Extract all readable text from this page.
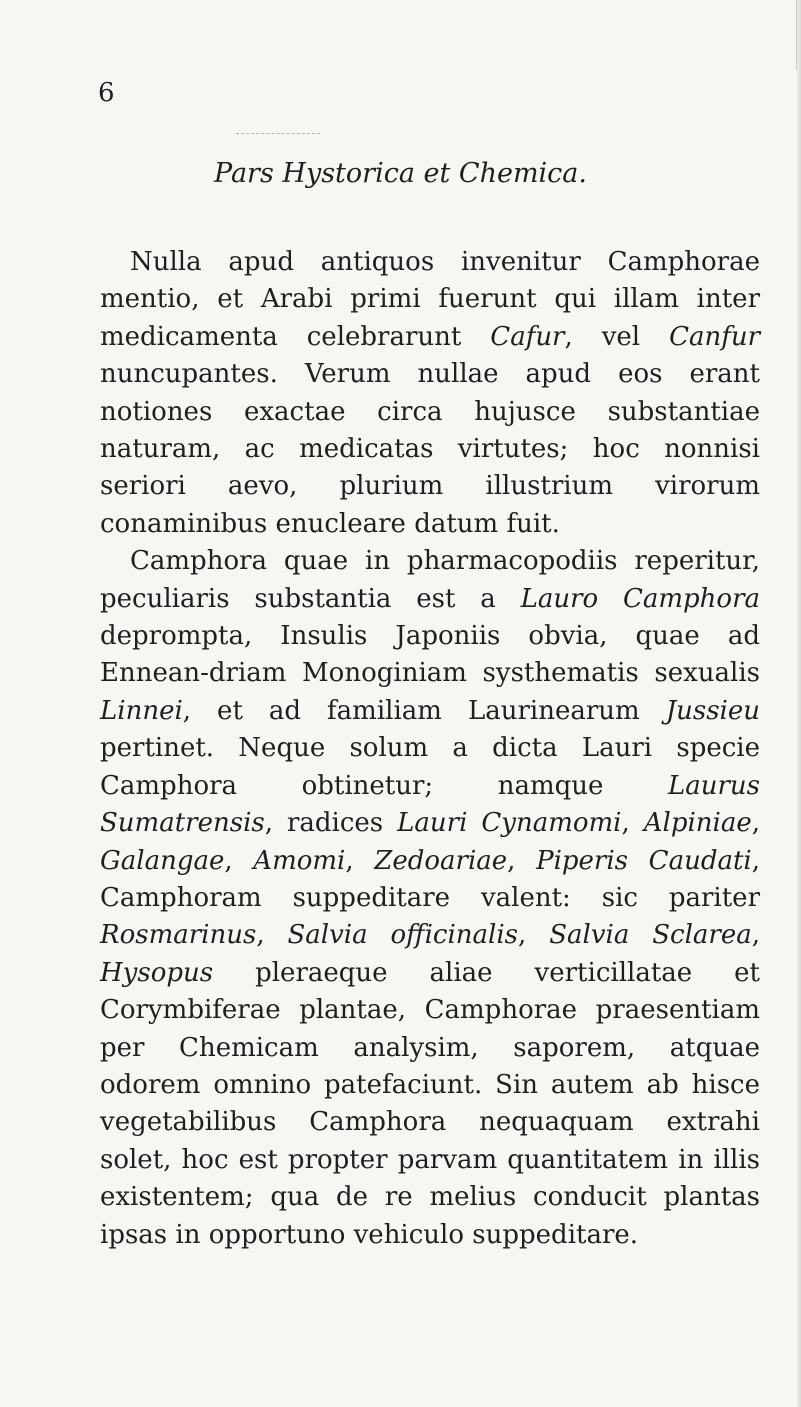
6
Pars Hystorica et Chemica.

Nulla apud antiquos invenitur Camphorae mentio, et Arabi primi fuerunt qui illam inter medicamenta celebrarunt Cafur, vel Canfur nuncupantes. Verum nullae apud eos erant notiones exactae circa hujusce substantiae naturam, ac medicatas virtutes; hoc nonnisi seriori aevo, plurium illustrium virorum conaminibus enucleare datum fuit.

Camphora quae in pharmacopodiis reperitur, peculiaris substantia est a Lauro Camphora deprompta, Insulis Japoniis obvia, quae ad Ennean-driam Monoginiam systhematis sexualis Linnei, et ad familiam Laurinearum Jussieu pertinet. Neque solum a dicta Lauri specie Camphora obtinetur; namque Laurus Sumatrensis, radices Lauri Cynamomi, Alpiniae, Galangae, Amomi, Zedoariae, Piperis Caudati, Camphoram suppeditare valent: sic pariter Rosmarinus, Salvia officinalis, Salvia Sclarea, Hysopus pleraeque aliae verticillatae et Corymbiferae plantae, Camphorae praesentiam per Chemicam analysim, saporem, atquae odorem omnino patefaciunt. Sin autem ab hisce vegetabilibus Camphora nequaquam extrahi solet, hoc est propter parvam quantitatem in illis existentem; qua de re melius conducit plantas ipsas in opportuno vehiculo suppeditare.
